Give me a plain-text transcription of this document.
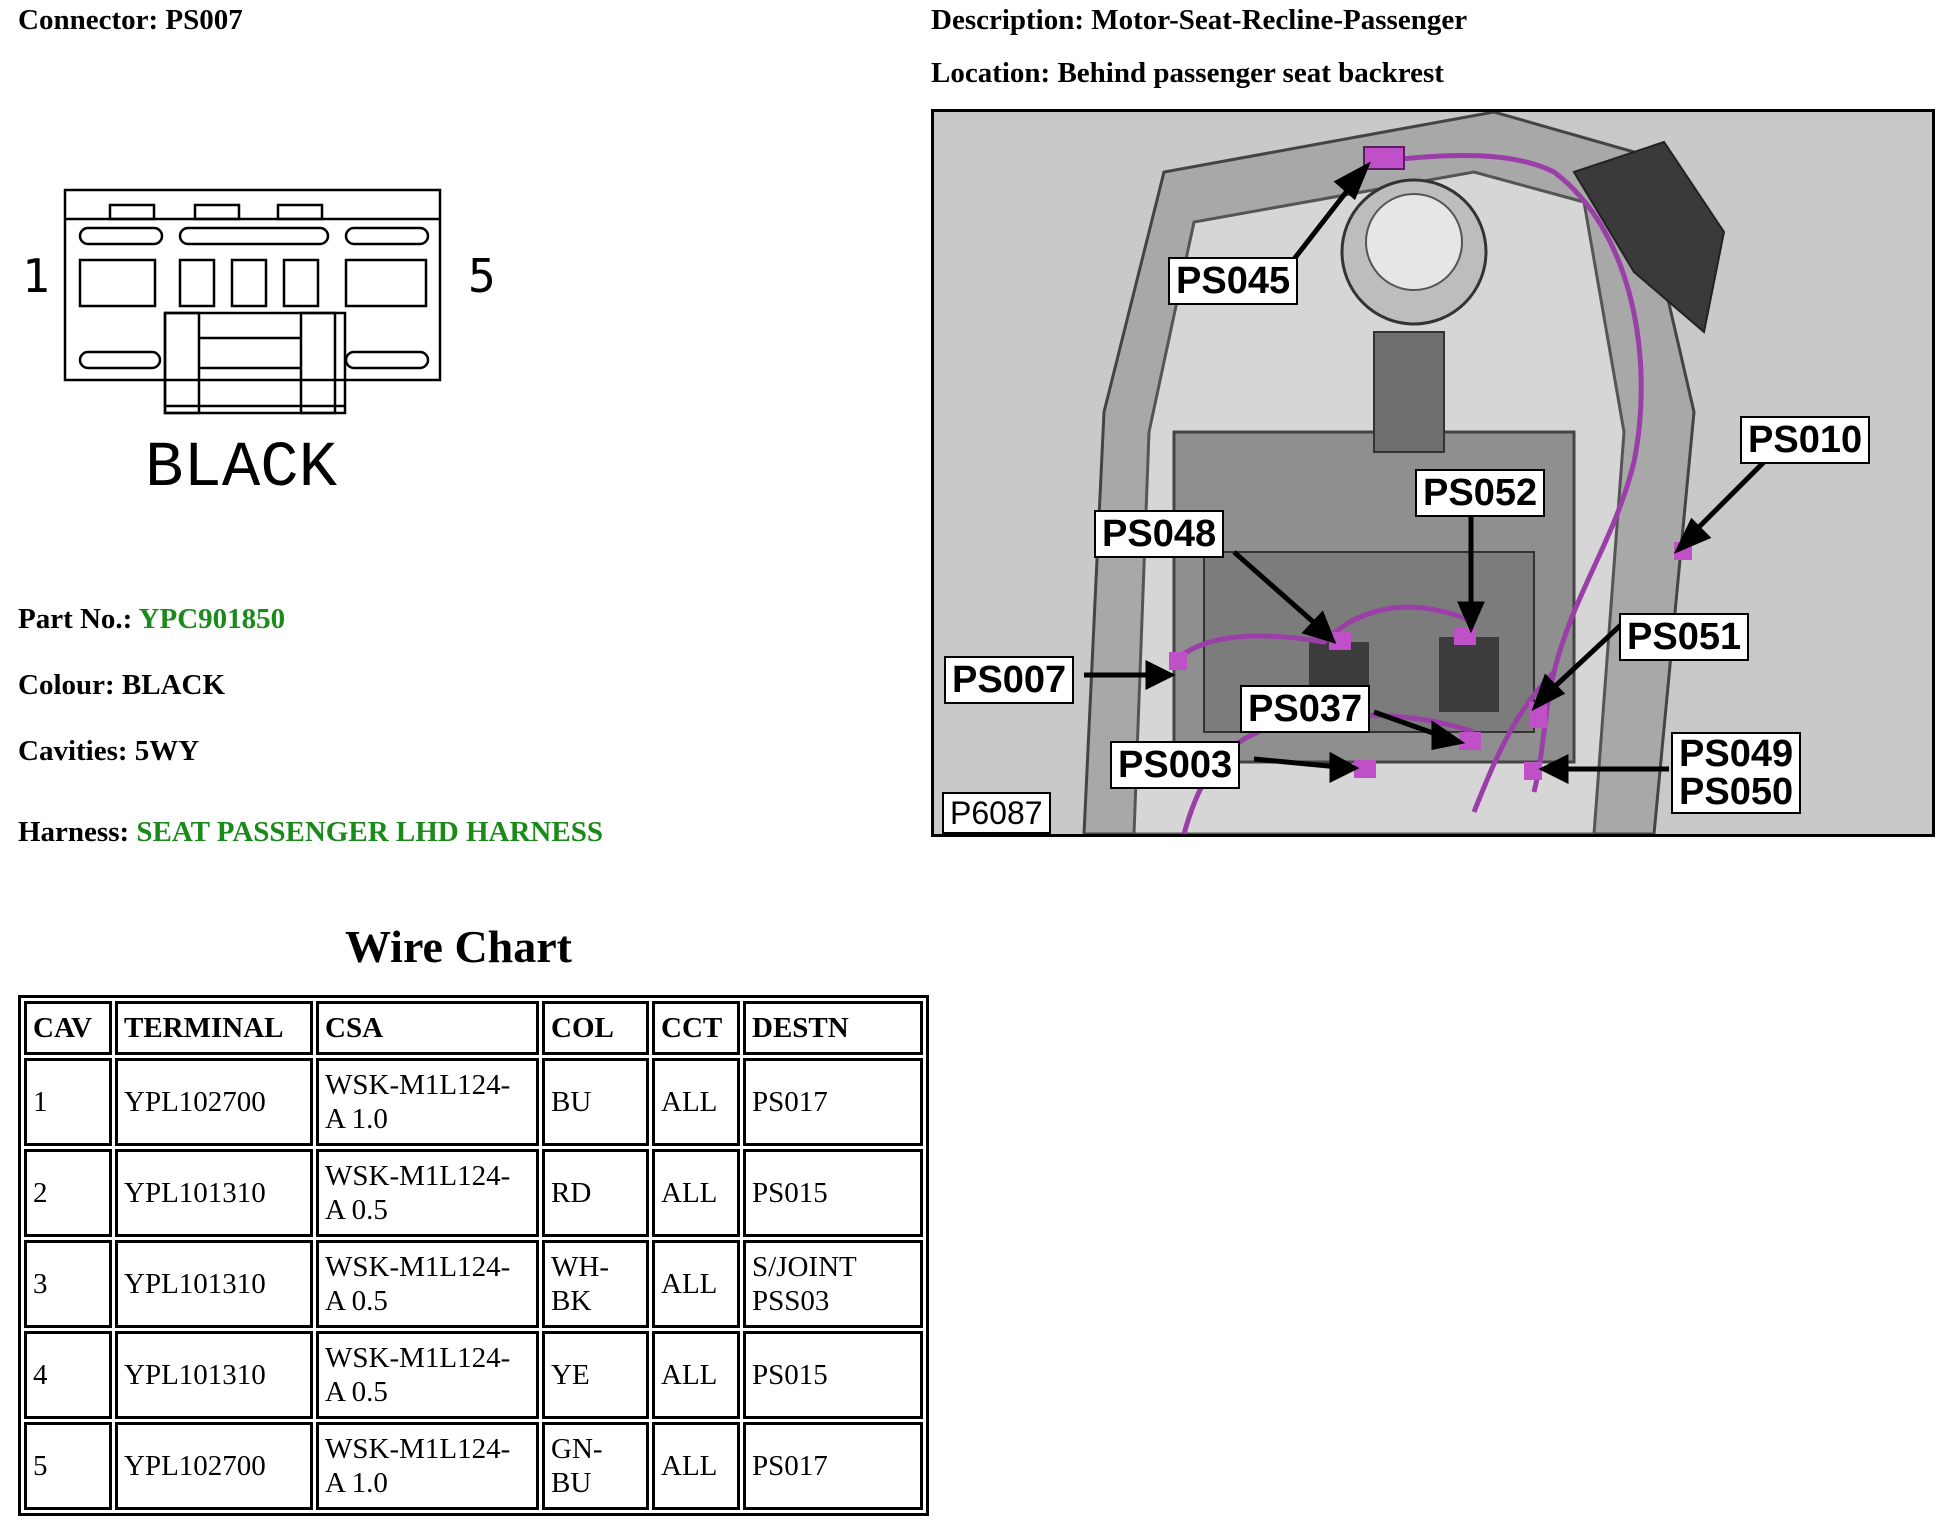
Connector: PS007	Description: Motor-Seat-Recline-Passenger
Location: Behind passenger seat backrest
1	5
BLACK
Part No.: YPC901850
Colour: BLACK
Cavities: 5WY
Harness: SEAT PASSENGER LHD HARNESS
PS045
PS010
PS052
PS048
PS051
PS007
PS037
PS003	PS049
PS050
P6087
Wire Chart
CAV	TERMINAL	CSA	COL	CCT	DESTN
1	YPL102700	WSK-M1L124-A 1.0	BU	ALL	PS017
2	YPL101310	WSK-M1L124-A 0.5	RD	ALL	PS015
3	YPL101310	WSK-M1L124-A 0.5	WH-BK	ALL	S/JOINT PSS03
4	YPL101310	WSK-M1L124-A 0.5	YE	ALL	PS015
5	YPL102700	WSK-M1L124-A 1.0	GN-BU	ALL	PS017
